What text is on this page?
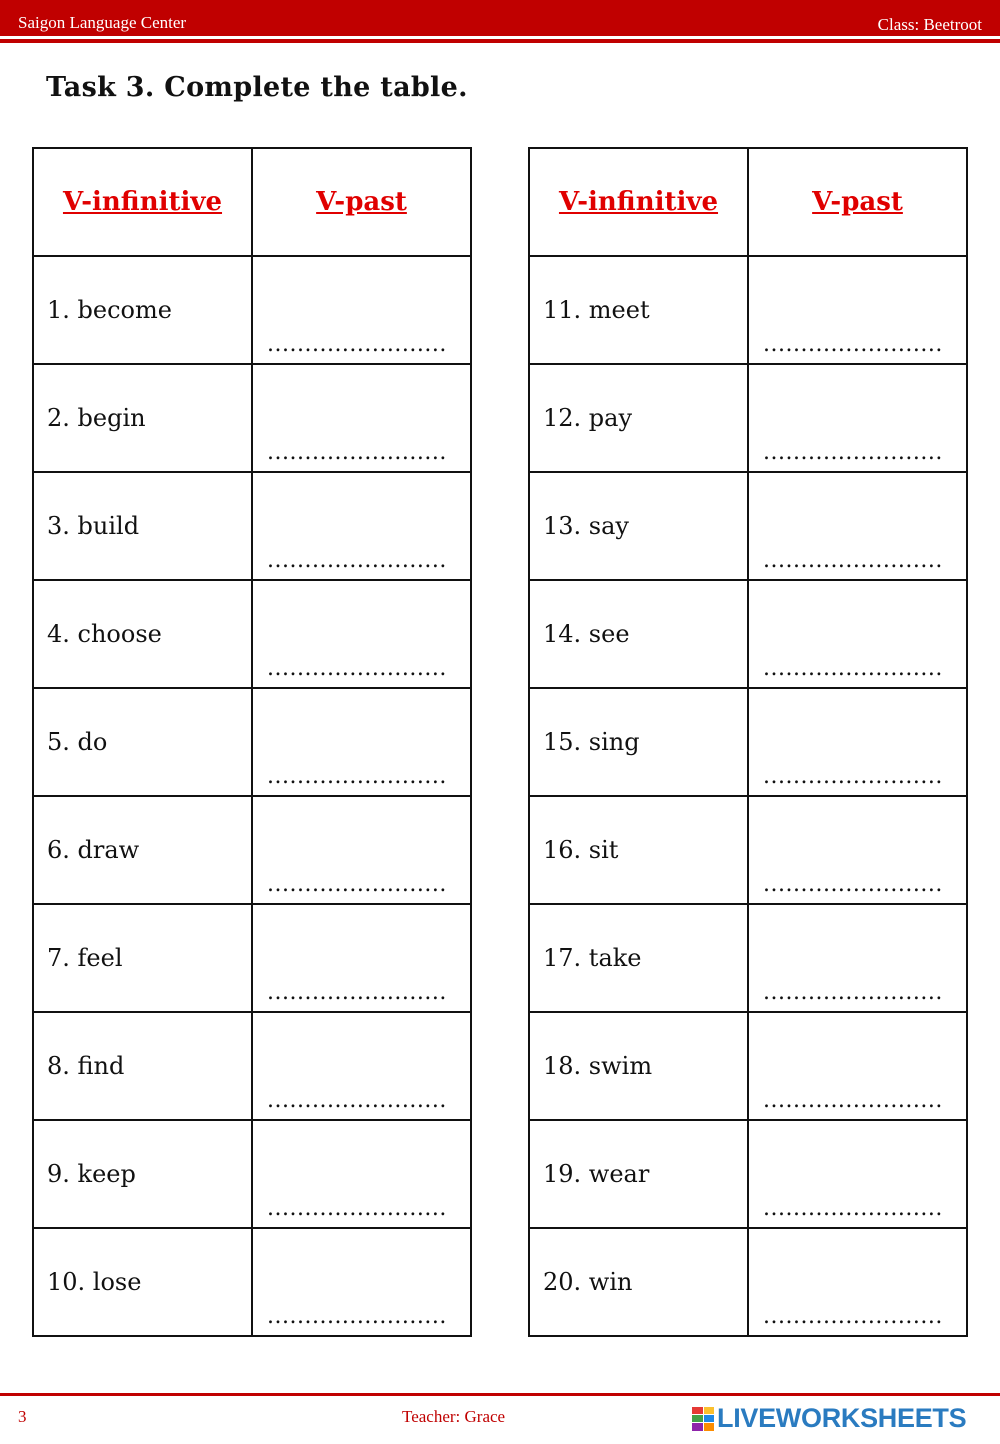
Saigon Language Center	Class: Beetroot
Task 3. Complete the table.
V-infinitive	V-past
1. become	........................

2. begin	........................

3. build	........................

4. choose	........................

5. do	........................

6. draw	........................

7. feel	........................

8. find	........................

9. keep	........................

10. lose	........................
V-infinitive	V-past
11. meet	........................

12. pay	........................

13. say	........................

14. see	........................

15. sing	........................

16. sit	........................

17. take	........................

18. swim	........................

19. wear	........................

20. win	........................
3	Teacher: Grace	LIVEWORKSHEETS
